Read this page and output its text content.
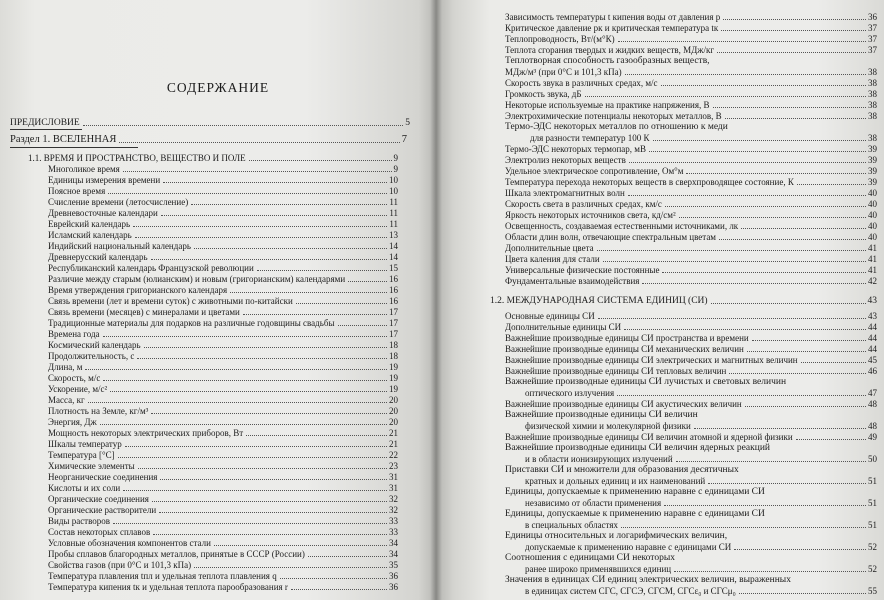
СОДЕРЖАНИЕ
ПРЕДИСЛОВИЕ	5
Раздел 1. ВСЕЛЕННАЯ	7
1.1. ВРЕМЯ И ПРОСТРАНСТВО, ВЕЩЕСТВО И ПОЛЕ	9
Многоликое время	9
Единицы измерения времени	10
Поясное время	10
Счисление времени (летосчисление)	11
Древневосточные календари	11
Еврейский календарь	11
Исламский календарь	13
Индийский национальный календарь	14
Древнерусский календарь	14
Республиканский календарь Французской революции	15
Различие между старым (юлианским) и новым (григорианским) календарями	16
Время утверждения григорианского календаря	16
Связь времени (лет и времени суток) с животными по-китайски	16
Связь времени (месяцев) с минералами и цветами	17
Традиционные материалы для подарков на различные годовщины свадьбы	17
Времена года	17
Космический календарь	18
Продолжительность, с	18
Длина, м	19
Скорость, м/с	19
Ускорение, м/с²	19
Масса, кг	20
Плотность на Земле, кг/м³	20
Энергия, Дж	20
Мощность некоторых электрических приборов, Вт	21
Шкалы температур	21
Температура [°С]	22
Химические элементы	23
Неорганические соединения	31
Кислоты и их соли	31
Органические соединения	32
Органические растворители	32
Виды растворов	33
Состав некоторых сплавов	33
Условные обозначения компонентов стали	34
Пробы сплавов благородных металлов, принятые в СССР (России)	34
Свойства газов (при 0°С и 101,3 кПа)	35
Температура плавления tпл и удельная теплота плавления q	36
Температура кипения tк и удельная теплота парообразования r	36
Зависимость температуры t кипения воды от давления p	36
Критическое давление pк и критическая температура tк	37
Теплопроводность, Вт/(м°К)	37
Теплота сгорания твердых и жидких веществ, МДж/кг	37
Теплотворная способность газообразных веществ,
МДж/м³ (при 0°С и 101,3 кПа)	38
Скорость звука в различных средах, м/с	38
Громкость звука, дБ	38
Некоторые используемые на практике напряжения, В	38
Электрохимические потенциалы некоторых металлов, В	38
Термо-ЭДС некоторых металлов по отношению к меди
для разности температур 100 К	38
Термо-ЭДС некоторых термопар, мВ	39
Электролиз некоторых веществ	39
Удельное электрическое сопротивление, Ом°м	39
Температура перехода некоторых веществ в сверхпроводящее состояние, К	39
Шкала электромагнитных волн	40
Скорость света в различных средах, км/с	40
Яркость некоторых источников света, кд/см²	40
Освещенность, создаваемая естественными источниками, лк	40
Области длин волн, отвечающие спектральным цветам	40
Дополнительные цвета	41
Цвета каления для стали	41
Универсальные физические постоянные	41
Фундаментальные взаимодействия	42
1.2. МЕЖДУНАРОДНАЯ СИСТЕМА ЕДИНИЦ (СИ)	43
Основные единицы СИ	43
Дополнительные единицы СИ	44
Важнейшие производные единицы СИ пространства и времени	44
Важнейшие производные единицы СИ механических величин	44
Важнейшие производные единицы СИ электрических и магнитных величин	45
Важнейшие производные единицы СИ тепловых величин	46
Важнейшие производные единицы СИ лучистых и световых величин
оптического излучения	47
Важнейшие производные единицы СИ акустических величин	48
Важнейшие производные единицы СИ величин
физической химии и молекулярной физики	48
Важнейшие производные единицы СИ величин атомной и ядерной физики	49
Важнейшие производные единицы СИ величин ядерных реакций
и в области ионизирующих излучений	50
Приставки СИ и множители для образования десятичных
кратных и дольных единиц и их наименований	51
Единицы, допускаемые к применению наравне с единицами СИ
независимо от области применения	51
Единицы, допускаемые к применению наравне с единицами СИ
в специальных областях	51
Единицы относительных и логарифмических величин,
допускаемые к применению наравне с единицами СИ	52
Соотношения с единицами СИ некоторых
ранее широко применявшихся единиц	52
Значения в единицах СИ единиц электрических величин, выраженных
в единицах систем СГС, СГСЭ, СГСМ, СГСε₀ и СГСμ₀	55
